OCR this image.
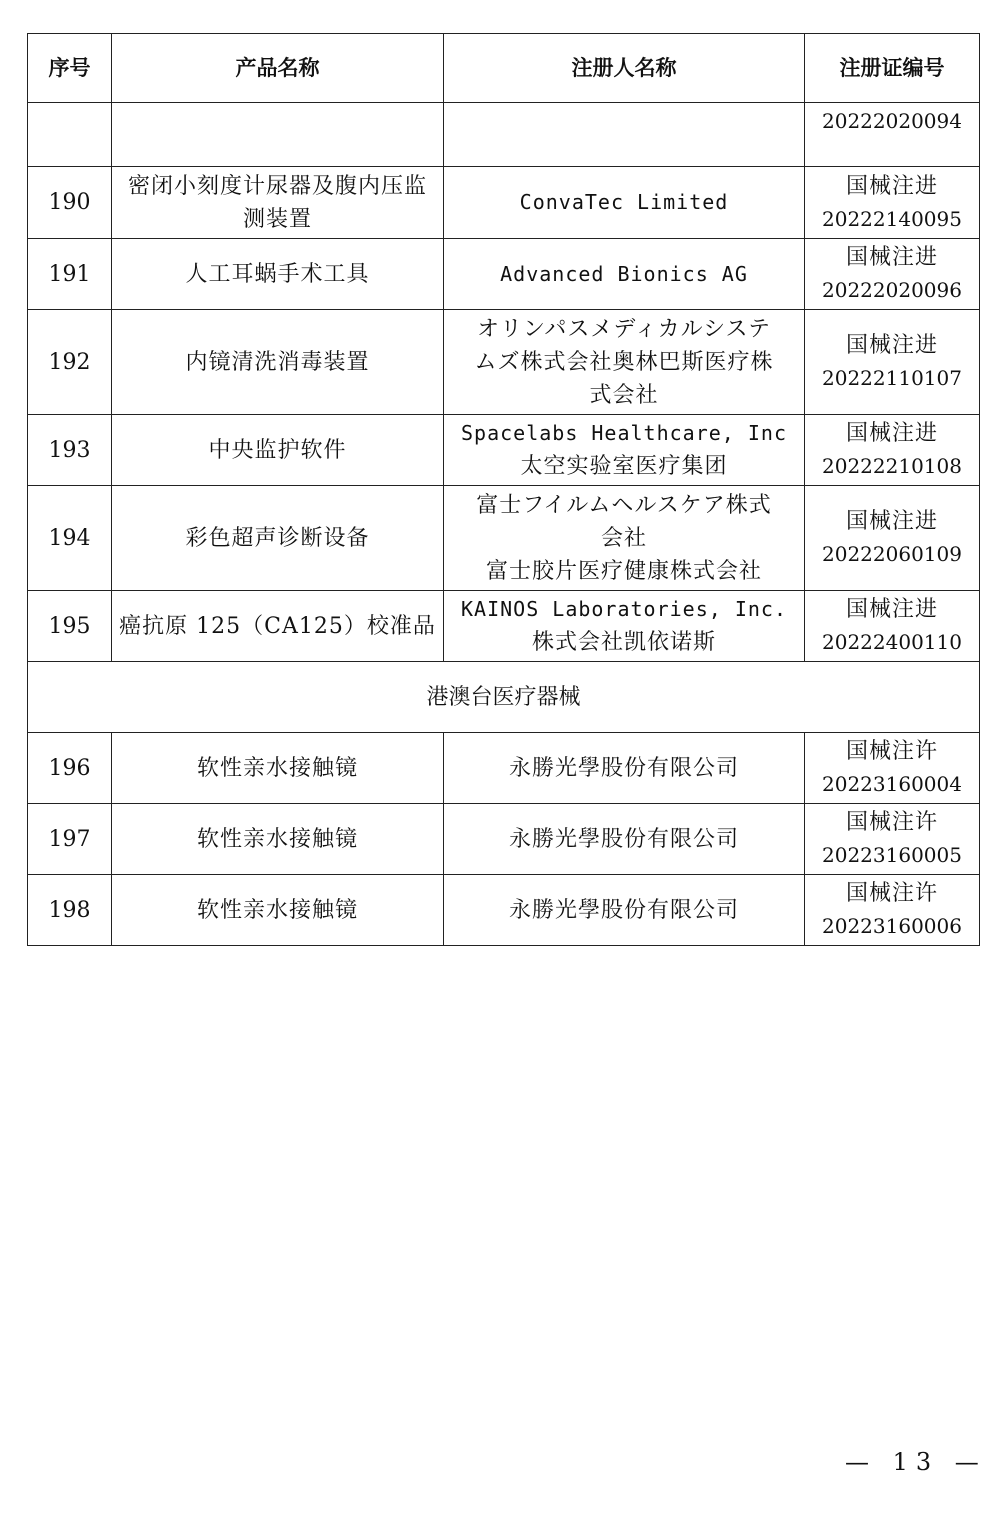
序号	产品名称	注册人名称	注册证编号

			20222020094

190	密闭小刻度计尿器及腹内压监
测装置	ConvaTec Limited	国械注进
20222140095

191	人工耳蜗手术工具	Advanced Bionics AG	国械注进
20222020096

192	内镜清洗消毒装置	オリンパスメディカルシステ
ムズ株式会社奥林巴斯医疗株
式会社	国械注进
20222110107

193	中央监护软件	Spacelabs Healthcare, Inc
太空实验室医疗集团	国械注进
20222210108

194	彩色超声诊断设备	富士フイルムヘルスケア株式
会社
富士胶片医疗健康株式会社	国械注进
20222060109

195	癌抗原 125（CA125）校准品	KAINOS Laboratories, Inc.
株式会社凯依诺斯	国械注进
20222400110

港澳台医疗器械			
196	软性亲水接触镜	永勝光學股份有限公司	国械注许
20223160004

197	软性亲水接触镜	永勝光學股份有限公司	国械注许
20223160005

198	软性亲水接触镜	永勝光學股份有限公司	国械注许
20223160006
— 13 —
